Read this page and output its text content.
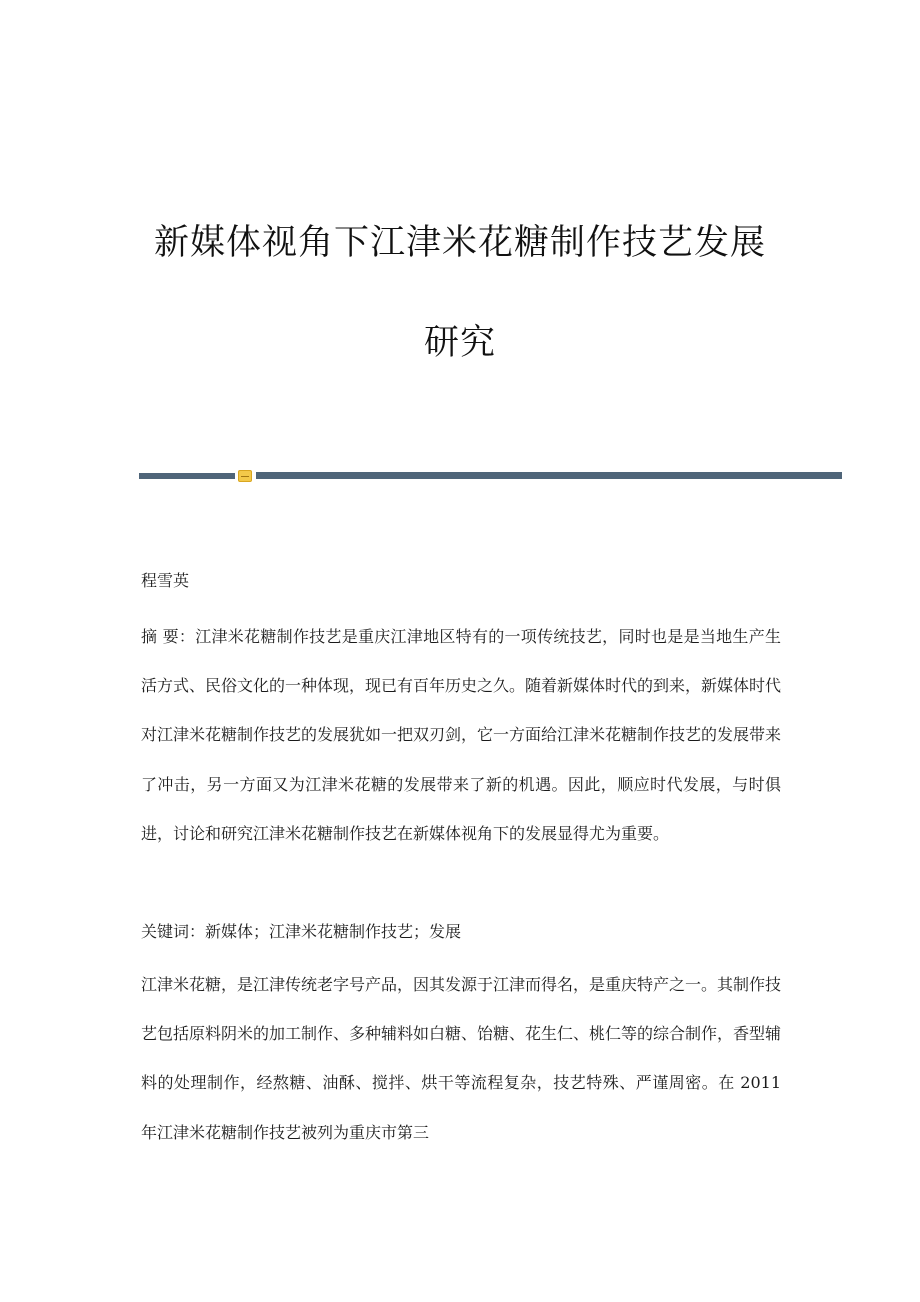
新媒体视角下江津米花糖制作技艺发展
研究

程雪英

摘 要：江津米花糖制作技艺是重庆江津地区特有的一项传统技艺，同时也是是当地生产生活方式、民俗文化的一种体现，现已有百年历史之久。随着新媒体时代的到来，新媒体时代对江津米花糖制作技艺的发展犹如一把双刃剑，它一方面给江津米花糖制作技艺的发展带来了冲击，另一方面又为江津米花糖的发展带来了新的机遇。因此，顺应时代发展，与时俱进，讨论和研究江津米花糖制作技艺在新媒体视角下的发展显得尤为重要。

关键词：新媒体；江津米花糖制作技艺；发展

江津米花糖，是江津传统老字号产品，因其发源于江津而得名，是重庆特产之一。其制作技艺包括原料阴米的加工制作、多种辅料如白糖、饴糖、花生仁、桃仁等的综合制作，香型辅料的处理制作，经熬糖、油酥、搅拌、烘干等流程复杂，技艺特殊、严谨周密。在 2011 年江津米花糖制作技艺被列为重庆市第三
